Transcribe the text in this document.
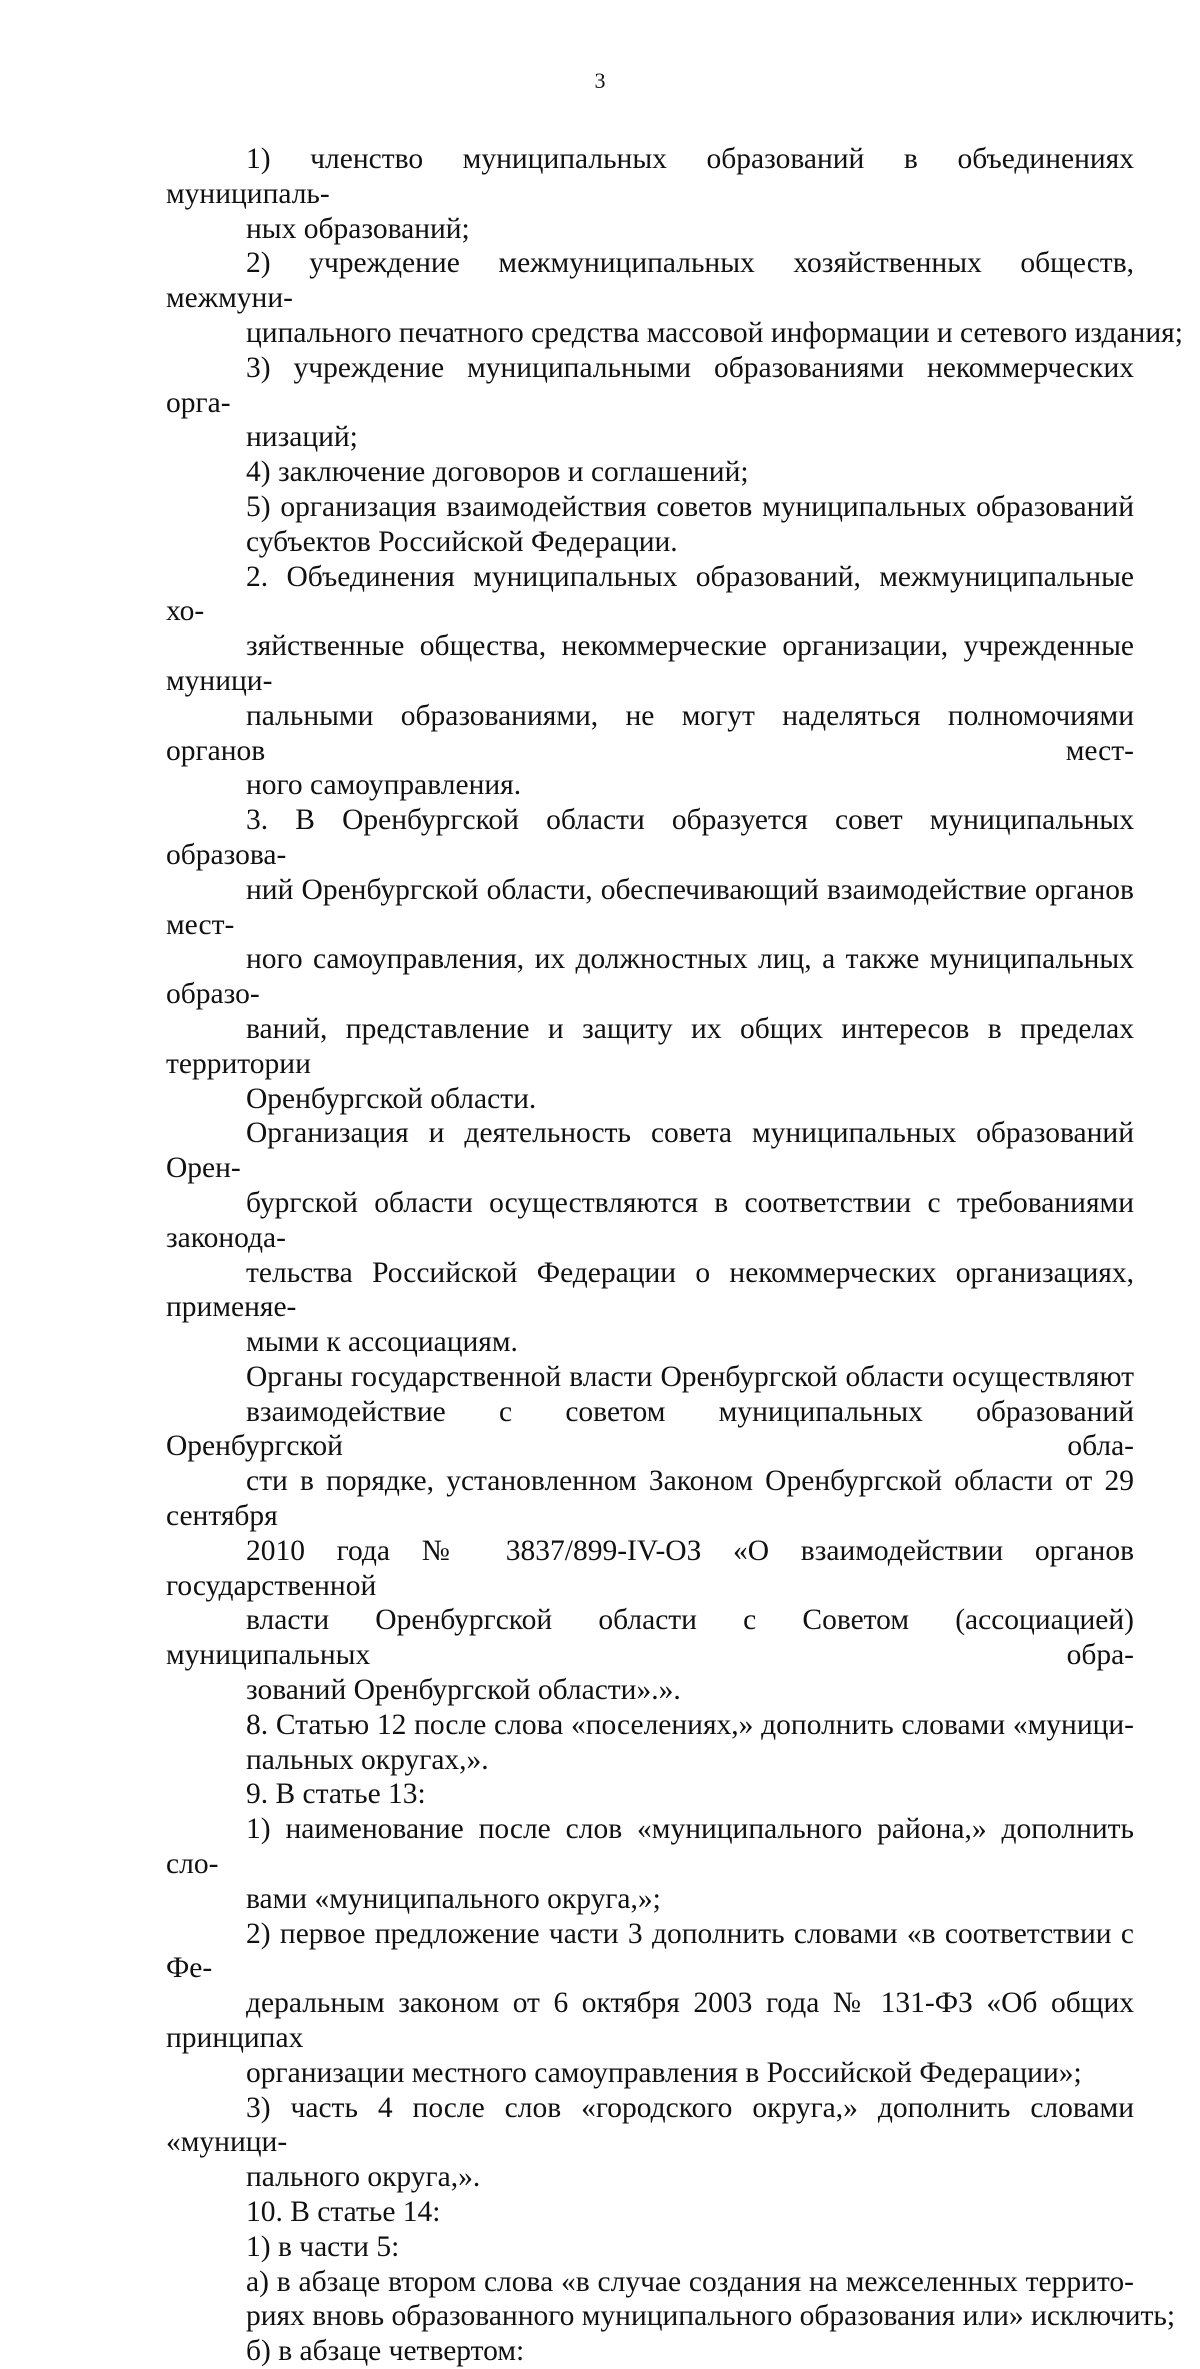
3

1) членство муниципальных образований в объединениях муниципаль-
ных образований;

2) учреждение межмуниципальных хозяйственных обществ, межмуни-
ципального печатного средства массовой информации и сетевого издания;

3) учреждение муниципальными образованиями некоммерческих орга-
низаций;

4) заключение договоров и соглашений;

5) организация взаимодействия советов муниципальных образований
субъектов Российской Федерации.

2. Объединения муниципальных образований, межмуниципальные хо-
зяйственные общества, некоммерческие организации, учрежденные муници-
пальными образованиями, не могут наделяться полномочиями органов мест-
ного самоуправления.

3. В Оренбургской области образуется совет муниципальных образова-
ний Оренбургской области, обеспечивающий взаимодействие органов мест-
ного самоуправления, их должностных лиц, а также муниципальных образо-
ваний, представление и защиту их общих интересов в пределах территории
Оренбургской области.

Организация и деятельность совета муниципальных образований Орен-
бургской области осуществляются в соответствии с требованиями законода-
тельства Российской Федерации о некоммерческих организациях, применяе-
мыми к ассоциациям.

Органы государственной власти Оренбургской области осуществляют
взаимодействие с советом муниципальных образований Оренбургской обла-
сти в порядке, установленном Законом Оренбургской области от 29 сентября
2010 года № 3837/899-IV-ОЗ «О взаимодействии органов государственной
власти Оренбургской области с Советом (ассоциацией) муниципальных обра-
зований Оренбургской области».».

8. Статью 12 после слова «поселениях,» дополнить словами «муници-
пальных округах,».

9. В статье 13:

1) наименование после слов «муниципального района,» дополнить сло-
вами «муниципального округа,»;

2) первое предложение части 3 дополнить словами «в соответствии с Фе-
деральным законом от 6 октября 2003 года № 131-ФЗ «Об общих принципах
организации местного самоуправления в Российской Федерации»;

3) часть 4 после слов «городского округа,» дополнить словами «муници-
пального округа,».

10. В статье 14:

1) в части 5:

а) в абзаце втором слова «в случае создания на межселенных террито-
риях вновь образованного муниципального образования или» исключить;

б) в абзаце четвертом:
